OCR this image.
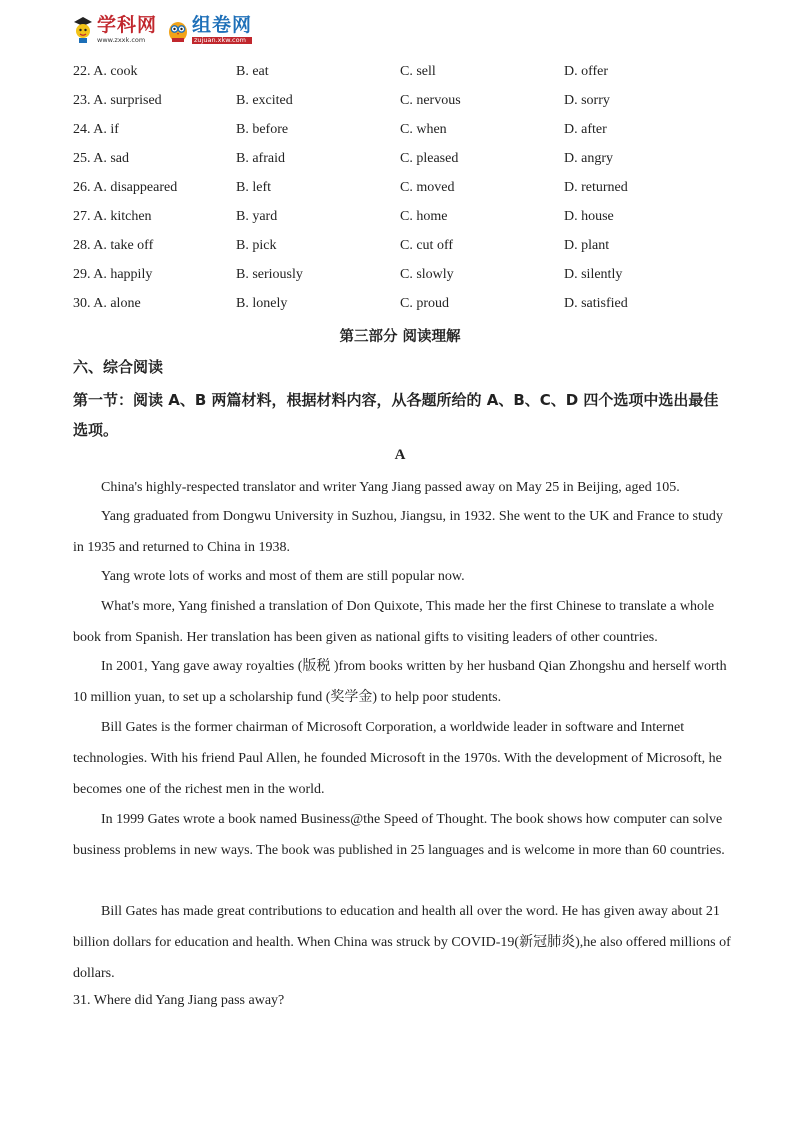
学科网
www.zxxk.com
组卷网
zujuan.xkw.com
22. A. cook	B. eat	C. sell	D. offer
23. A. surprised	B. excited	C. nervous	D. sorry
24. A. if	B. before	C. when	D. after
25. A. sad	B. afraid	C. pleased	D. angry
26. A. disappeared	B. left	C. moved	D. returned
27. A. kitchen	B. yard	C. home	D. house
28. A. take off	B. pick	C. cut off	D. plant
29. A. happily	B. seriously	C. slowly	D. silently
30. A. alone	B. lonely	C. proud	D. satisfied
第三部分 阅读理解
六、综合阅读
第一节：阅读 A、B 两篇材料，根据材料内容，从各题所给的 A、B、C、D 四个选项中选出最佳选项。
A

China's highly-respected translator and writer Yang Jiang passed away on May 25 in Beijing, aged 105.

Yang graduated from Dongwu University in Suzhou, Jiangsu, in 1932. She went to the UK and France to study in 1935 and returned to China in 1938.

Yang wrote lots of works and most of them are still popular now.

What's more, Yang finished a translation of Don Quixote, This made her the first Chinese to translate a whole book from Spanish. Her translation has been given as national gifts to visiting leaders of other countries.

In 2001, Yang gave away royalties (版税 )from books written by her husband Qian Zhongshu and herself worth 10 million yuan, to set up a scholarship fund (奖学金) to help poor students.

Bill Gates is the former chairman of Microsoft Corporation, a worldwide leader in software and Internet technologies. With his friend Paul Allen, he founded Microsoft in the 1970s. With the development of Microsoft, he becomes one of the richest men in the world.

In 1999 Gates wrote a book named Business@the Speed of Thought. The book shows how computer can solve business problems in new ways. The book was published in 25 languages and is welcome in more than 60 countries.

Bill Gates has made great contributions to education and health all over the word. He has given away about 21 billion dollars for education and health. When China was struck by COVID-19(新冠肺炎),he also offered millions of dollars.

31. Where did Yang Jiang pass away?
